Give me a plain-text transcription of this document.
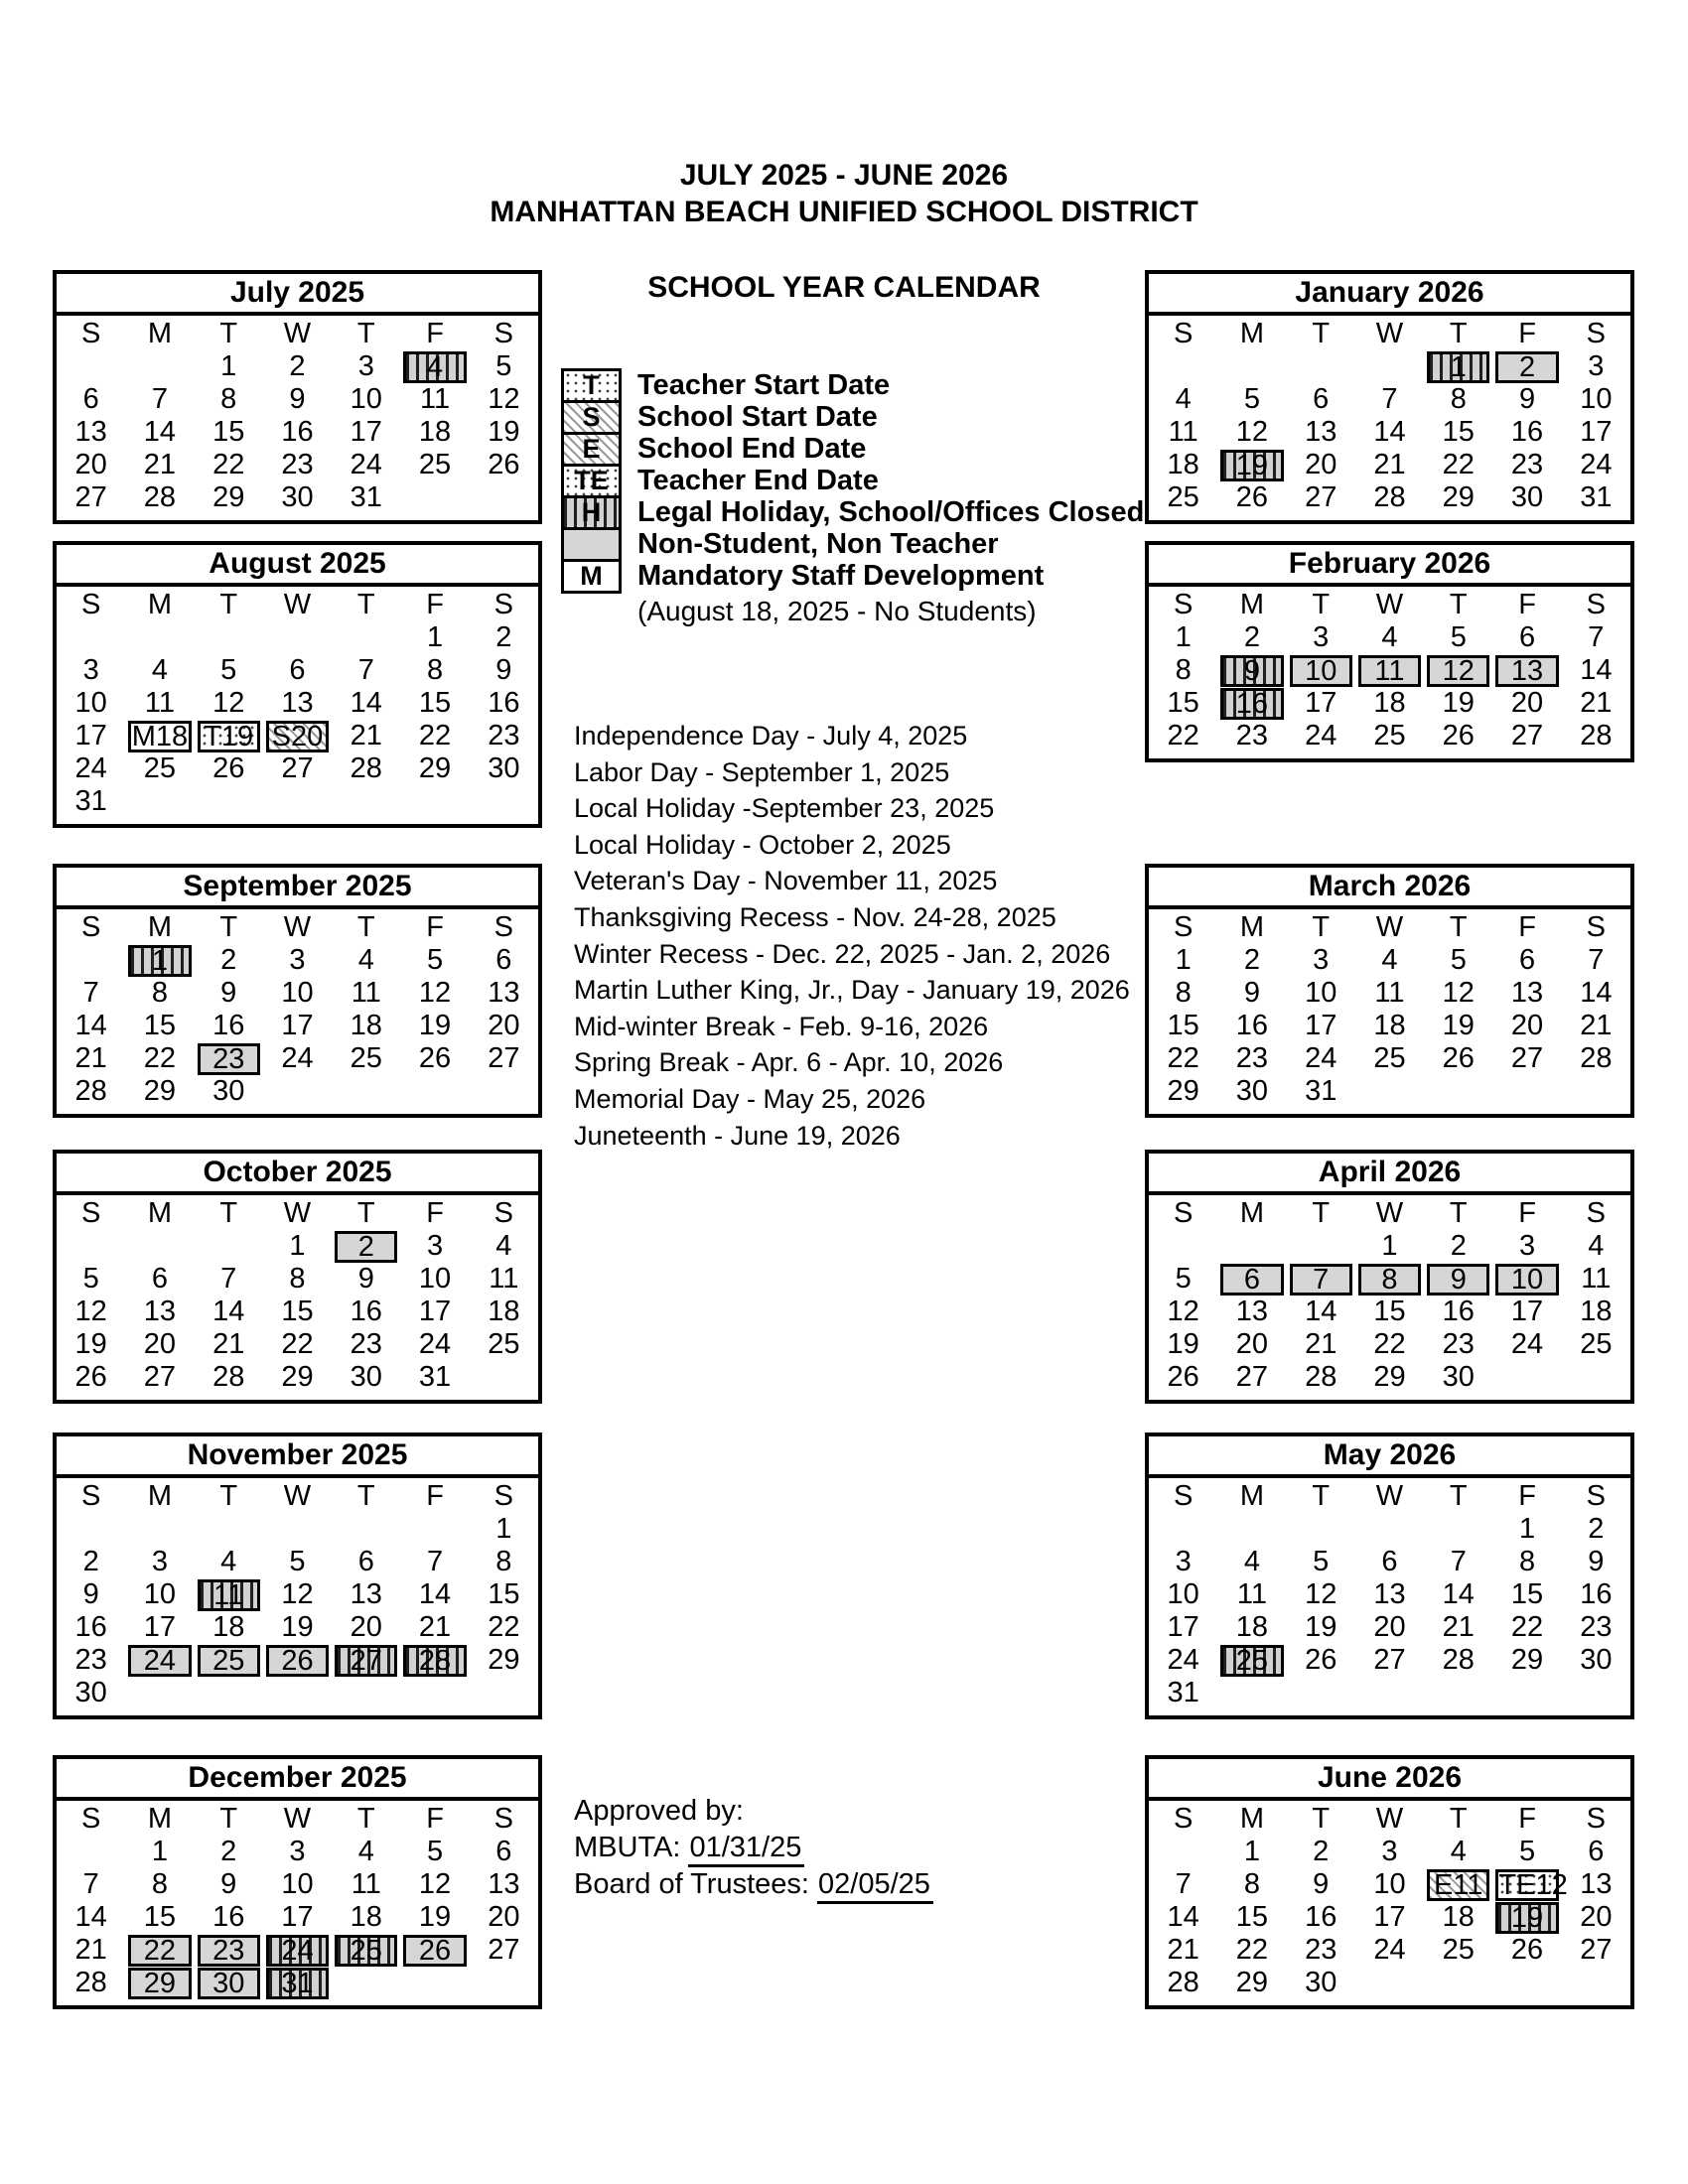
JULY 2025 - JUNE 2026
MANHATTAN BEACH UNIFIED SCHOOL DISTRICT
SCHOOL YEAR CALENDAR
July 2025
S	M	T	W	T	F	S

		1	2	3	4	5

6	7	8	9	10	11	12

13	14	15	16	17	18	19

20	21	22	23	24	25	26

27	28	29	30	31		

August 2025
S	M	T	W	T	F	S

					1	2

3	4	5	6	7	8	9

10	11	12	13	14	15	16

17	M18	T19	S20	21	22	23

24	25	26	27	28	29	30

31						

September 2025
S	M	T	W	T	F	S

	1	2	3	4	5	6

7	8	9	10	11	12	13

14	15	16	17	18	19	20

21	22	23	24	25	26	27

28	29	30				

October 2025
S	M	T	W	T	F	S

			1	2	3	4

5	6	7	8	9	10	11

12	13	14	15	16	17	18

19	20	21	22	23	24	25

26	27	28	29	30	31	

November 2025
S	M	T	W	T	F	S

						1

2	3	4	5	6	7	8

9	10	11	12	13	14	15

16	17	18	19	20	21	22

23	24	25	26	27	28	29

30						

December 2025
S	M	T	W	T	F	S

	1	2	3	4	5	6

7	8	9	10	11	12	13

14	15	16	17	18	19	20

21	22	23	24	25	26	27

28	29	30	31			

January 2026
S	M	T	W	T	F	S

				1	2	3

4	5	6	7	8	9	10

11	12	13	14	15	16	17

18	19	20	21	22	23	24

25	26	27	28	29	30	31
February 2026
S	M	T	W	T	F	S

1	2	3	4	5	6	7

8	9	10	11	12	13	14

15	16	17	18	19	20	21

22	23	24	25	26	27	28
March 2026
S	M	T	W	T	F	S

1	2	3	4	5	6	7

8	9	10	11	12	13	14

15	16	17	18	19	20	21

22	23	24	25	26	27	28

29	30	31				

April 2026
S	M	T	W	T	F	S

			1	2	3	4

5	6	7	8	9	10	11

12	13	14	15	16	17	18

19	20	21	22	23	24	25

26	27	28	29	30		

May 2026
S	M	T	W	T	F	S

					1	2

3	4	5	6	7	8	9

10	11	12	13	14	15	16

17	18	19	20	21	22	23

24	25	26	27	28	29	30

31						

June 2026
S	M	T	W	T	F	S

	1	2	3	4	5	6

7	8	9	10	E11	TE12	13

14	15	16	17	18	19	20

21	22	23	24	25	26	27

28	29	30				

T	Teacher Start Date
S	School Start Date
E	School End Date
TE	Teacher End Date
H	Legal Holiday, School/Offices Closed
Non-Student, Non Teacher
M	Mandatory Staff Development
(August 18, 2025 - No Students)
Independence Day - July 4, 2025
Labor Day - September 1, 2025
Local Holiday -September 23, 2025
Local Holiday - October 2, 2025
Veteran's Day - November 11, 2025
Thanksgiving Recess - Nov. 24-28, 2025
Winter Recess - Dec. 22, 2025 - Jan. 2, 2026
Martin Luther King, Jr., Day - January 19, 2026
Mid-winter Break - Feb. 9-16, 2026
Spring Break - Apr. 6 - Apr. 10, 2026
Memorial Day - May 25, 2026
Juneteenth - June 19, 2026
Approved by:
MBUTA: 01/31/25
Board of Trustees: 02/05/25
